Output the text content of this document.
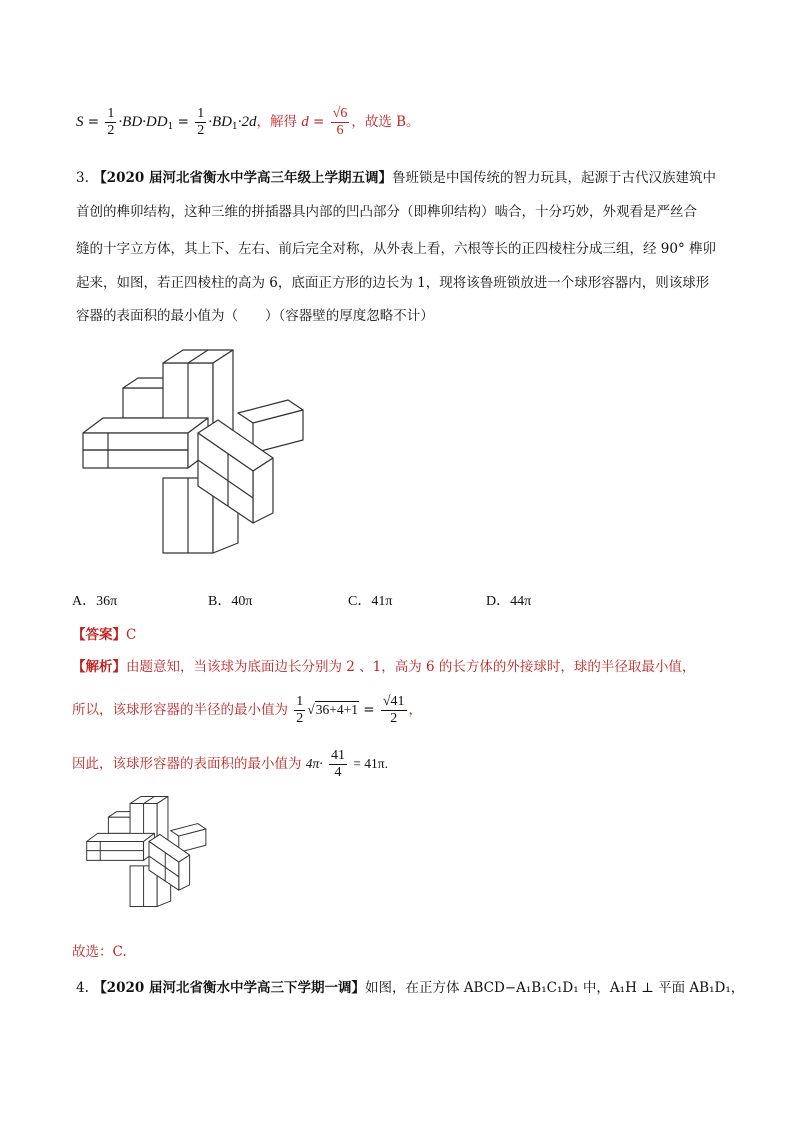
$S = \frac{1}{2} \cdot BD\cdot DD_1 = \frac{1}{2} \cdot BD_1\cdot 2d$，解得 $d = \frac{√6}{6}$ ，故选 B。
3. 【2020 届河北省衡水中学高三年级上学期五调】鲁班锁是中国传统的智力玩具，起源于古代汉族建筑中
首创的榫卯结构，这种三维的拼插器具内部的凹凸部分（即榫卯结构）啮合，十分巧妙，外观看是严丝合
缝的十字立方体，其上下、左右、前后完全对称，从外表上看，六根等长的正四棱柱分成三组，经 90° 榫卯
起来，如图，若正四棱柱的高为 6，底面正方形的边长为 1，现将该鲁班锁放进一个球形容器内，则该球形
容器的表面积的最小值为（　　）（容器壁的厚度忽略不计）
A．36π	B．40π	C．41π	D．44π
【答案】C
【解析】由题意知，当该球为底面边长分别为 2 、1，高为 6 的长方体的外接球时，球的半径取最小值，
所以，该球形容器的半径的最小值为 $\frac{1}{2} √36+4+1 = \frac{√41}{2}$ ，
因此，该球形容器的表面积的最小值为 $4\pi\cdot \frac{41}{4} = 41\pi$.
故选：C.
4. 【2020 届河北省衡水中学高三下学期一调】如图，在正方体 ABCD−A₁B₁C₁D₁ 中，A₁H ⊥ 平面 AB₁D₁，
